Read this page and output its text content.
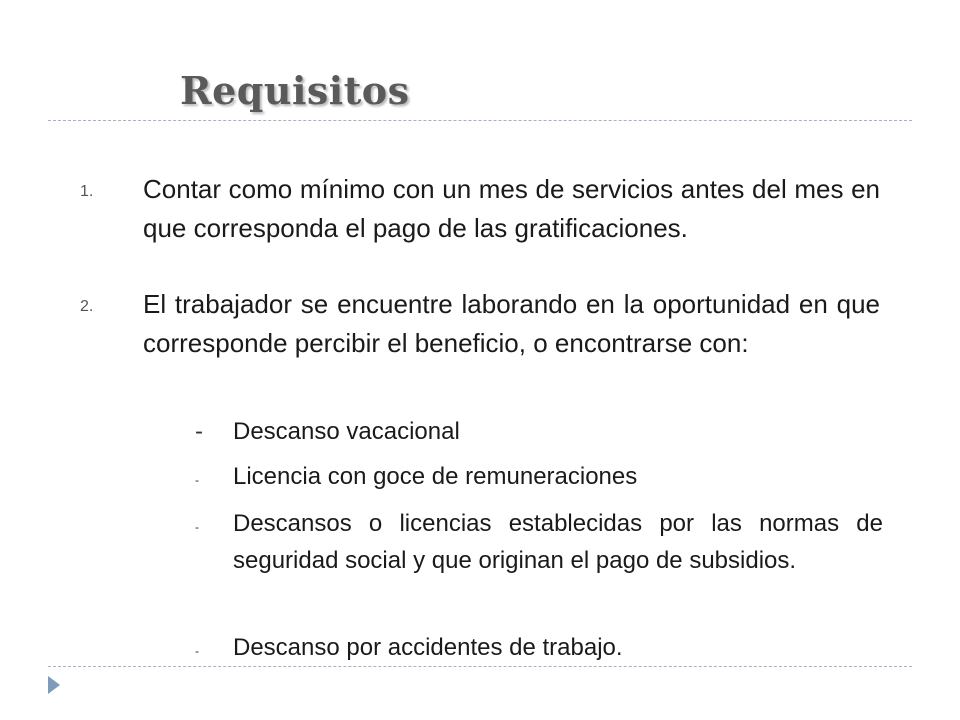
Requisitos
1. Contar como mínimo con un mes de servicios antes del mes en que corresponda el pago de las gratificaciones.
2. El trabajador se encuentre laborando en la oportunidad en que corresponde percibir el beneficio, o encontrarse con:
- Descanso vacacional
- Licencia con goce de remuneraciones
- Descansos o licencias establecidas por las normas de seguridad social y que originan el pago de subsidios.
- Descanso por accidentes de trabajo.
